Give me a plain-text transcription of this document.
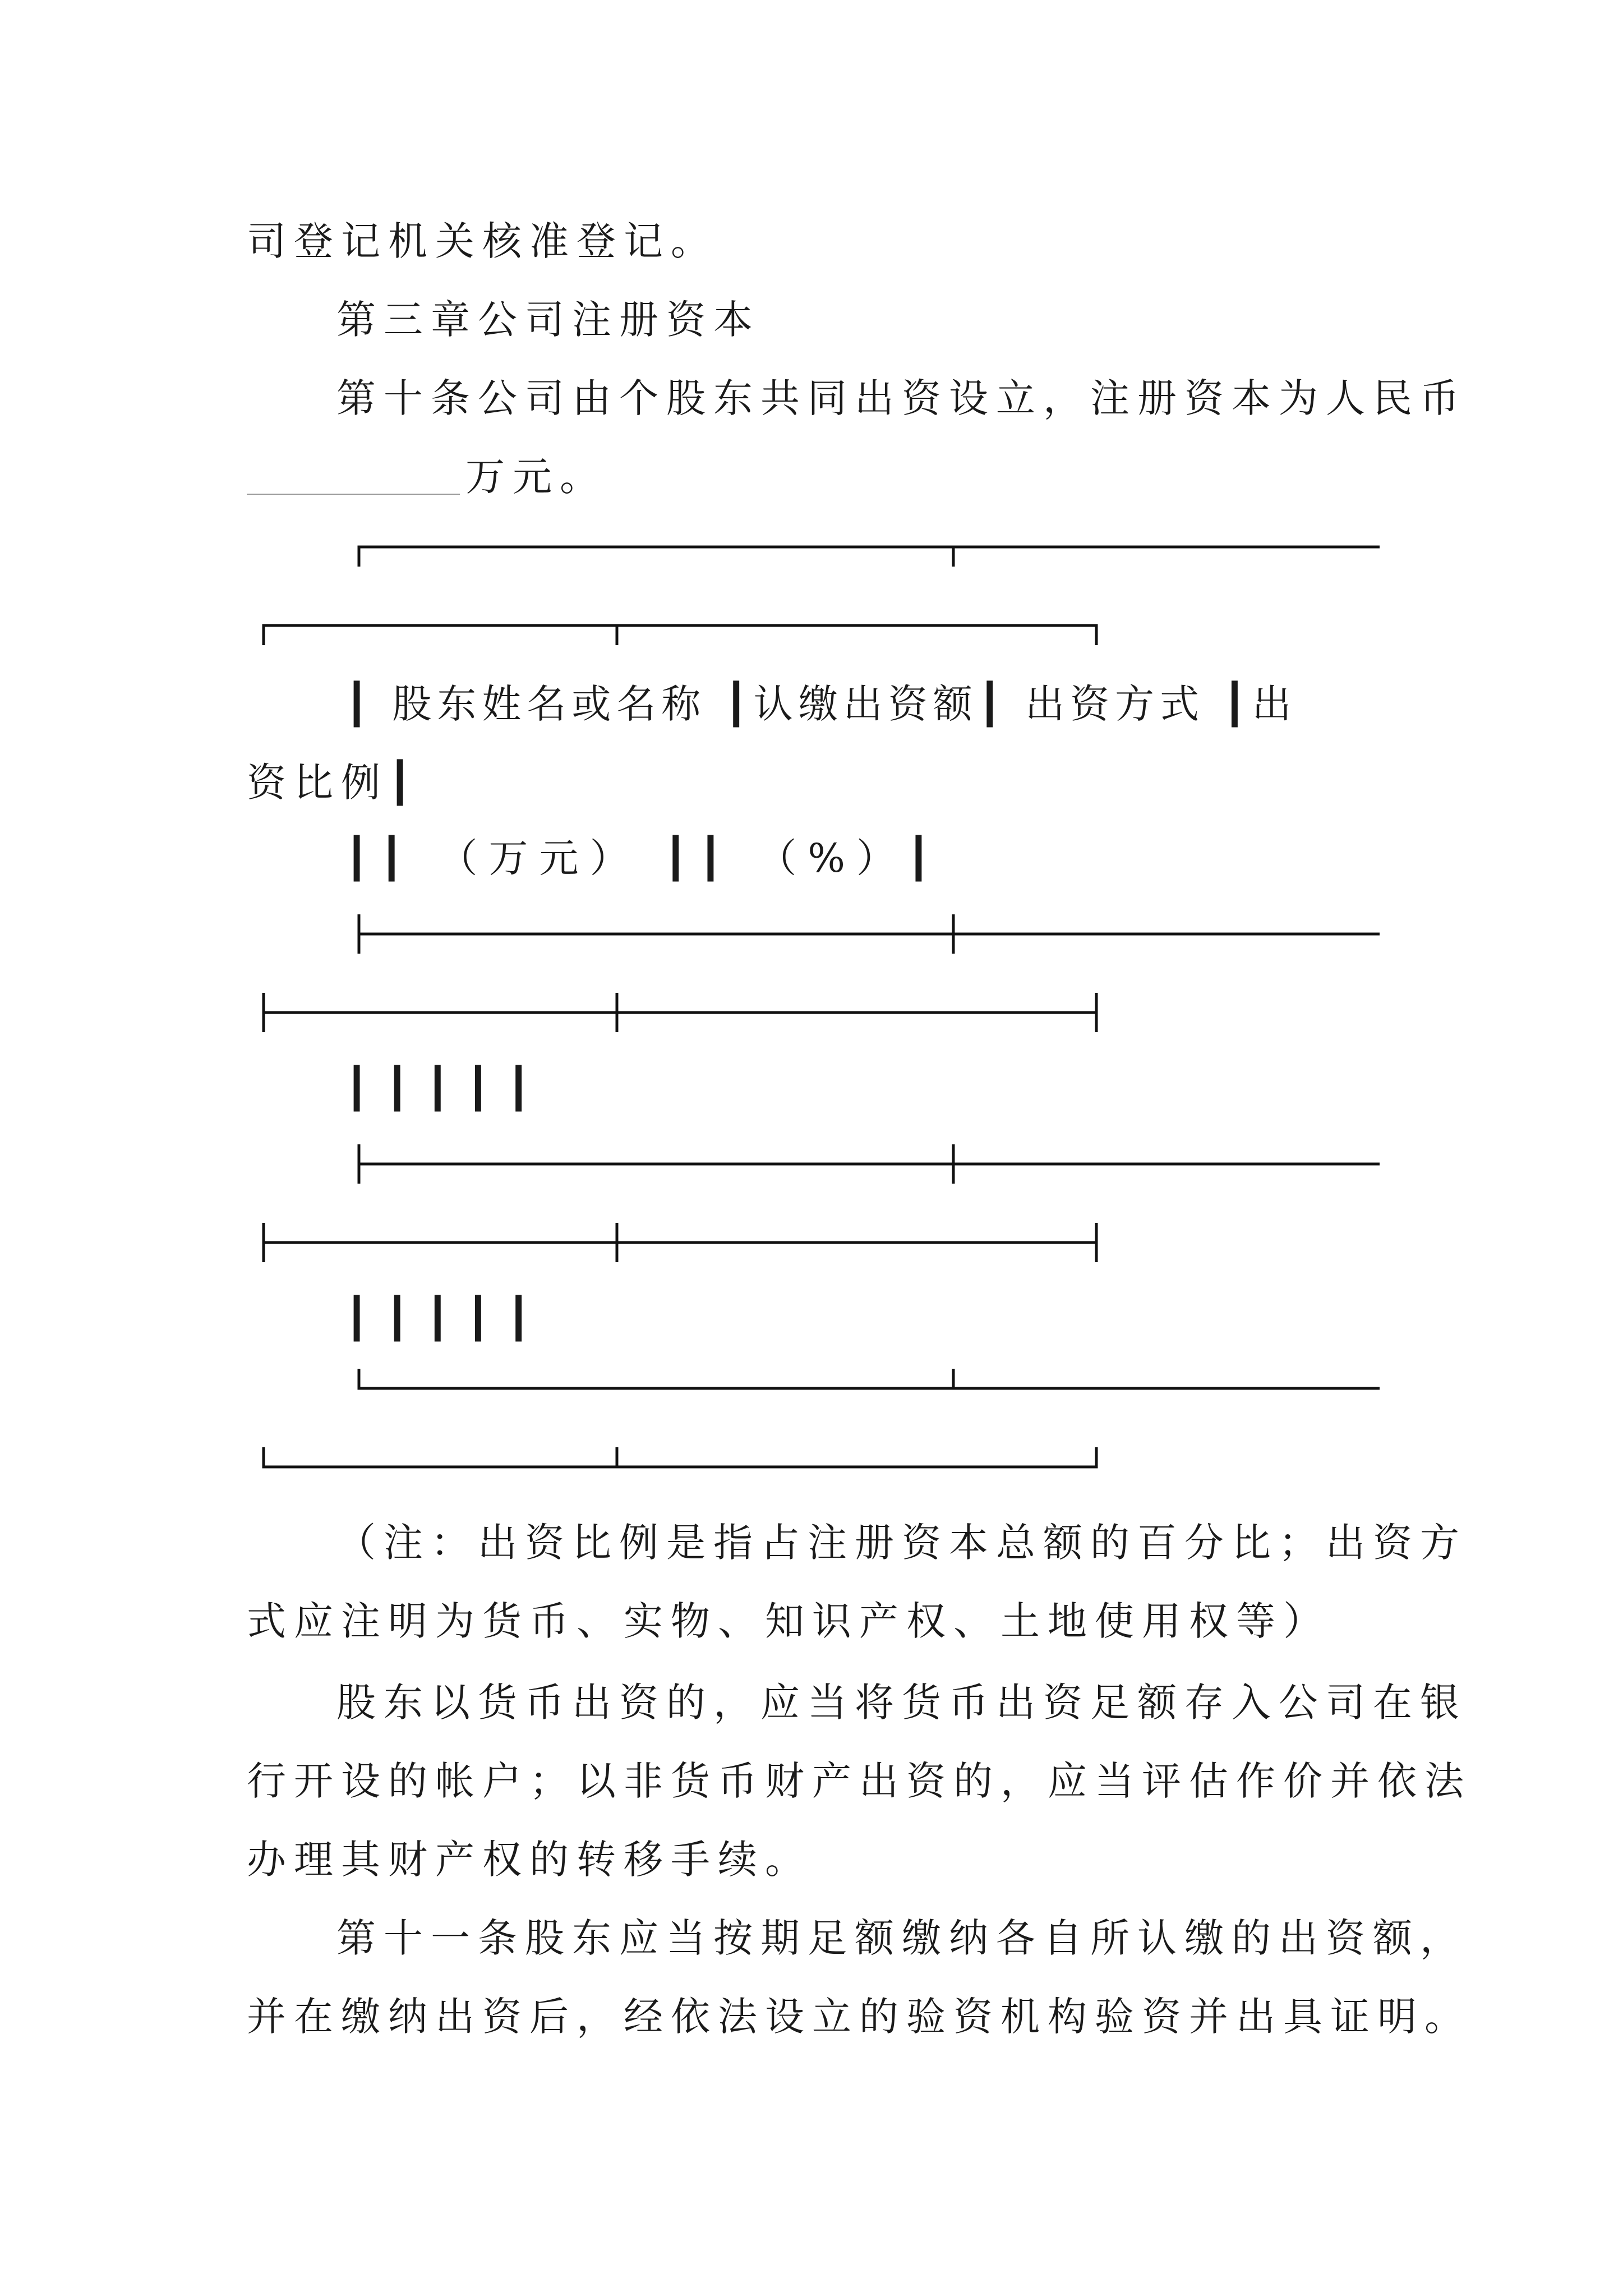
司登记机关核准登记。
第三章公司注册资本
第十条公司由个股东共同出资设立，注册资本为人民币
万元。
┃ 股东姓名或名称 ┃认缴出资额┃ 出资方式 ┃出
资比例┃
┃┃ （万元） ┃┃ （%）┃
┃┃┃┃┃
┃┃┃┃┃
（注：出资比例是指占注册资本总额的百分比；出资方
式应注明为货币、实物、知识产权、土地使用权等）
股东以货币出资的，应当将货币出资足额存入公司在银
行开设的帐户；以非货币财产出资的，应当评估作价并依法
办理其财产权的转移手续。
第十一条股东应当按期足额缴纳各自所认缴的出资额，
并在缴纳出资后，经依法设立的验资机构验资并出具证明。
